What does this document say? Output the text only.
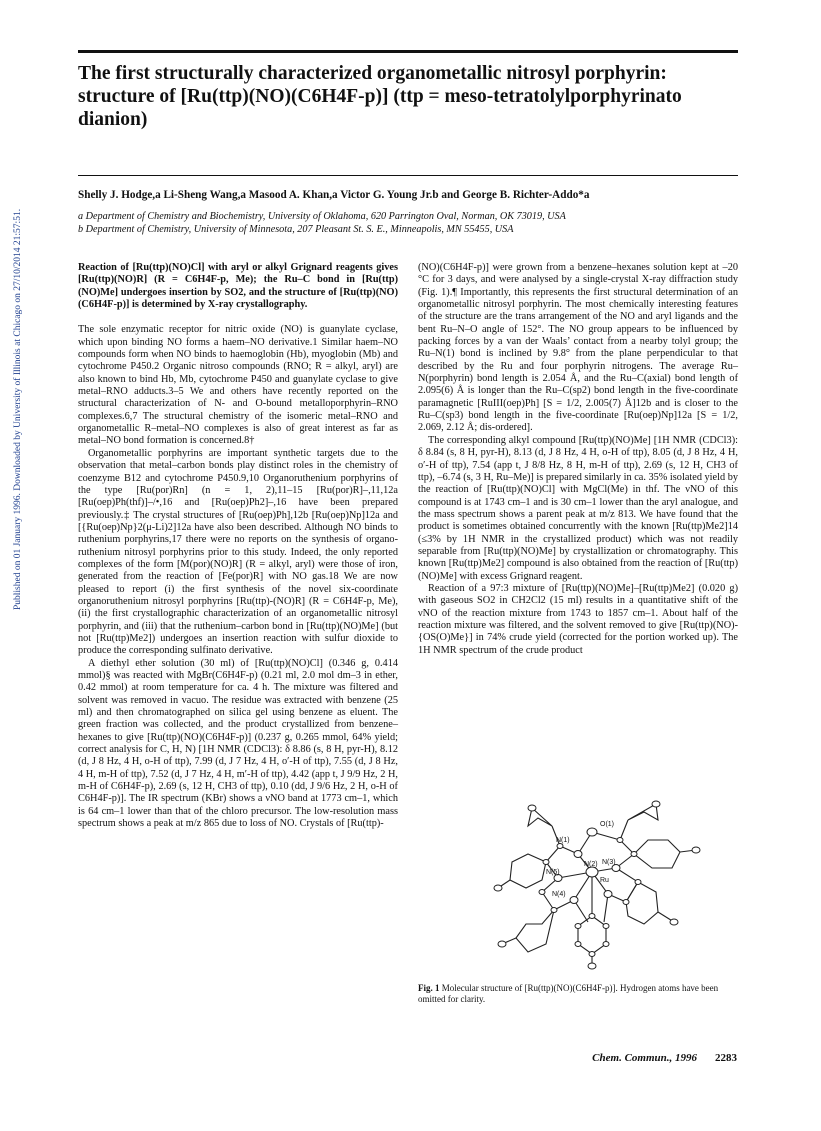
Published on 01 January 1996. Downloaded by University of Illinois at Chicago on 27/10/2014 21:57:51.
The first structurally characterized organometallic nitrosyl porphyrin: structure of [Ru(ttp)(NO)(C6H4F-p)] (ttp = meso-tetratolylporphyrinato dianion)
Shelly J. Hodge,a Li-Sheng Wang,a Masood A. Khan,a Victor G. Young Jr.b and George B. Richter-Addo*a
a Department of Chemistry and Biochemistry, University of Oklahoma, 620 Parrington Oval, Norman, OK 73019, USA
b Department of Chemistry, University of Minnesota, 207 Pleasant St. S. E., Minneapolis, MN 55455, USA

Reaction of [Ru(ttp)(NO)Cl] with aryl or alkyl Grignard reagents gives [Ru(ttp)(NO)R] (R = C6H4F-p, Me); the Ru–C bond in [Ru(ttp)(NO)Me] undergoes insertion by SO2, and the structure of [Ru(ttp)(NO)(C6H4F-p)] is determined by X-ray crystallography.

The sole enzymatic receptor for nitric oxide (NO) is guanylate cyclase, which upon binding NO forms a haem–NO derivative.1 Similar haem–NO compounds form when NO binds to haemoglobin (Hb), myoglobin (Mb) and cytochrome P450.2 Organic nitroso compounds (RNO; R = alkyl, aryl) are also known to bind Hb, Mb, cytochrome P450 and guanylate cyclase to give metal–RNO adducts.3–5 We and others have recently reported on the structural characterization of N- and O-bound metalloporphyrin–RNO complexes.6,7 The structural chemistry of the isomeric metal–RNO and organometallic R–metal–NO complexes is also of great interest as far as metal–NO bond formation is concerned.8†

Organometallic porphyrins are important synthetic targets due to the observation that metal–carbon bonds play distinct roles in the chemistry of coenzyme B12 and cytochrome P450.9,10 Organoruthenium porphyrins of the type [Ru(por)Rn] (n = 1, 2),11–15 [Ru(por)R]–,11,12a [Ru(oep)Ph(thf)]–/•,16 and [Ru(oep)Ph2]–,16 have been prepared previously.‡ The crystal structures of [Ru(oep)Ph],12b [Ru(oep)Np]12a and [{Ru(oep)Np}2(μ-Li)2]12a have also been described. Although NO binds to ruthenium porphyrins,17 there were no reports on the synthesis of organo-ruthenium nitrosyl porphyrins prior to this study. Indeed, the only reported complexes of the form [M(por)(NO)R] (R = alkyl, aryl) were those of iron, generated from the reaction of [Fe(por)R] with NO gas.18 We are now pleased to report (i) the first synthesis of the novel six-coordinate organoruthenium nitrosyl porphyrins [Ru(ttp)-(NO)R] (R = C6H4F-p, Me), (ii) the first crystallographic characterization of an organometallic nitrosyl porphyrin, and (iii) that the ruthenium–carbon bond in [Ru(ttp)(NO)Me] (but not [Ru(ttp)Me2]) undergoes an insertion reaction with sulfur dioxide to produce the corresponding sulfinato derivative.

A diethyl ether solution (30 ml) of [Ru(ttp)(NO)Cl] (0.346 g, 0.414 mmol)§ was reacted with MgBr(C6H4F-p) (0.21 ml, 2.0 mol dm–3 in ether, 0.42 mmol) at room temperature for ca. 4 h. The mixture was filtered and solvent was removed in vacuo. The residue was extracted with benzene (25 ml) and then chromatographed on silica gel using benzene as eluent. The green fraction was collected, and the product crystallized from benzene–hexanes to give [Ru(ttp)(NO)(C6H4F-p)] (0.237 g, 0.265 mmol, 64% yield; correct analysis for C, H, N) [1H NMR (CDCl3): δ 8.86 (s, 8 H, pyr-H), 8.12 (d, J 8 Hz, 4 H, o-H of ttp), 7.99 (d, J 7 Hz, 4 H, o′-H of ttp), 7.55 (d, J 8 Hz, 4 H, m-H of ttp), 7.52 (d, J 7 Hz, 4 H, m′-H of ttp), 4.42 (app t, J 9/9 Hz, 2 H, m-H of C6H4F-p), 2.69 (s, 12 H, CH3 of ttp), 0.10 (dd, J 9/6 Hz, 2 H, o-H of C6H4F-p)]. The IR spectrum (KBr) shows a νNO band at 1773 cm–1, which is 64 cm–1 lower than that of the chloro precursor. The low-resolution mass spectrum shows a peak at m/z 865 due to loss of NO. Crystals of [Ru(ttp)-

(NO)(C6H4F-p)] were grown from a benzene–hexanes solution kept at –20 °C for 3 days, and were analysed by a single-crystal X-ray diffraction study (Fig. 1).¶ Importantly, this represents the first structural determination of an organometallic nitrosyl porphyrin. The most chemically interesting features of the structure are the trans arrangement of the NO and aryl ligands and the bent Ru–N–O angle of 152°. The NO group appears to be influenced by packing forces by a van der Waals’ contact from a nearby tolyl group; the Ru–N(1) bond is inclined by 9.8° from the plane perpendicular to that described by the Ru and four porphyrin nitrogens. The average Ru–N(porphyrin) bond length is 2.054 Å, and the Ru–C(axial) bond length of 2.095(6) Å is longer than the Ru–C(sp2) bond length in the five-coordinate paramagnetic [RuIII(oep)Ph] [S = 1/2, 2.005(7) Å]12b and is closer to the Ru–C(sp3) bond length in the five-coordinate [Ru(oep)Np]12a [S = 1/2, 2.069, 2.12 Å; dis-ordered].

The corresponding alkyl compound [Ru(ttp)(NO)Me] [1H NMR (CDCl3): δ 8.84 (s, 8 H, pyr-H), 8.13 (d, J 8 Hz, 4 H, o-H of ttp), 8.05 (d, J 8 Hz, 4 H, o′-H of ttp), 7.54 (app t, J 8/8 Hz, 8 H, m-H of ttp), 2.69 (s, 12 H, CH3 of ttp), –6.74 (s, 3 H, Ru–Me)] is prepared similarly in ca. 35% isolated yield by the reaction of [Ru(ttp)(NO)Cl] with MgCl(Me) in thf. The νNO of this compound is at 1743 cm–1 and is 30 cm–1 lower than the aryl analogue, and the mass spectrum shows a parent peak at m/z 813. We have found that the product is sometimes obtained concurrently with the known [Ru(ttp)Me2]14 (≤3% by 1H NMR in the crystallized product) which was not readily separable from [Ru(ttp)(NO)Me] by crystallization or chromatography. This known [Ru(ttp)Me2] compound is also obtained from the reaction of [Ru(ttp)(NO)Me] with excess Grignard reagent.

Reaction of a 97:3 mixture of [Ru(ttp)(NO)Me]–[Ru(ttp)Me2] (0.020 g) with gaseous SO2 in CH2Cl2 (15 ml) results in a quantitative shift of the νNO of the reaction mixture from 1743 to 1857 cm–1. About half of the reaction mixture was filtered, and the solvent removed to give [Ru(ttp)(NO)-{OS(O)Me}] in 74% crude yield (corrected for the portion worked up). The 1H NMR spectrum of the crude product

O(1)
N(1)
N(5)
N(2) N(3)
Ru
N(4)
Fig. 1 Molecular structure of [Ru(ttp)(NO)(C6H4F-p)]. Hydrogen atoms have been omitted for clarity.
Chem. Commun., 1996 2283
